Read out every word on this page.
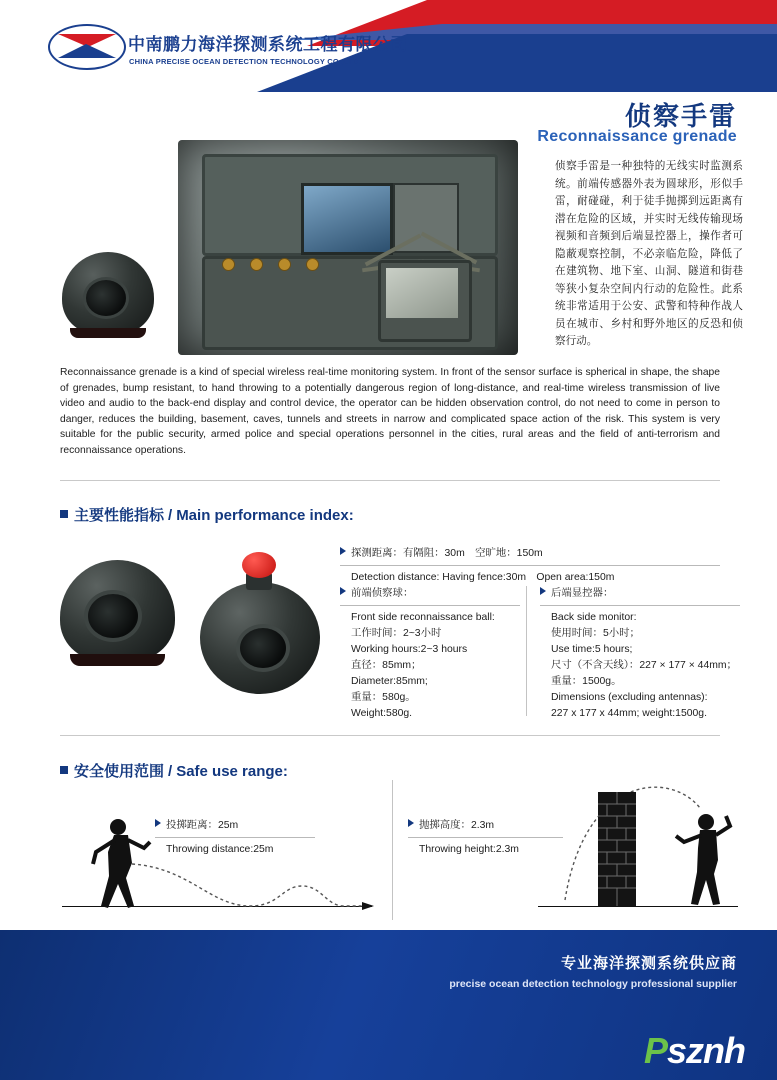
中南鹏力海洋探测系统工程有限公司
CHINA PRECISE OCEAN DETECTION TECHNOLOGY CO.,LTD.
侦察手雷
Reconnaissance grenade
侦察手雷是一种独特的无线实时监测系统。前端传感器外表为圆球形，形似手雷，耐碰碰，利于徒手抛掷到远距离有潜在危险的区域，并实时无线传输现场视频和音频到后端显控器上，操作者可隐蔽观察控制，不必亲临危险，降低了在建筑物、地下室、山洞、隧道和街巷等狭小复杂空间内行动的危险性。此系统非常适用于公安、武警和特种作战人员在城市、乡村和野外地区的反恐和侦察行动。
Reconnaissance grenade is a kind of special wireless real-time monitoring system. In front of the sensor surface is spherical in shape, the shape of grenades, bump resistant, to hand throwing to a potentially dangerous region of long-distance, and real-time wireless transmission of live video and audio to the back-end display and control device, the operator can be hidden observation control, do not need to come in person to danger, reduces the building, basement, caves, tunnels and streets in narrow and complicated space action of the risk. This system is very suitable for the public security, armed police and special operations personnel in the cities, rural areas and the field of anti-terrorism and reconnaissance operations.
主要性能指标 / Main performance index:
探测距离：有隔阻：30m　空旷地：150m
Detection distance: Having fence:30m　Open area:150m
前端侦察球：
Front side reconnaissance ball:
工作时间：2~3小时
Working hours:2~3 hours
直径：85mm；
Diameter:85mm;
重量：580g。
Weight:580g.
后端显控器：
Back side monitor:
使用时间：5小时；
Use time:5 hours;
尺寸（不含天线）：227 × 177 × 44mm；
重量：1500g。
Dimensions (excluding antennas):
227 x 177 x 44mm; weight:1500g.
安全使用范围 / Safe use range:
投掷距离：25m
Throwing distance:25m
抛掷高度：2.3m
Throwing height:2.3m
专业海洋探测系统供应商
precise ocean detection technology professional supplier
Psznh
